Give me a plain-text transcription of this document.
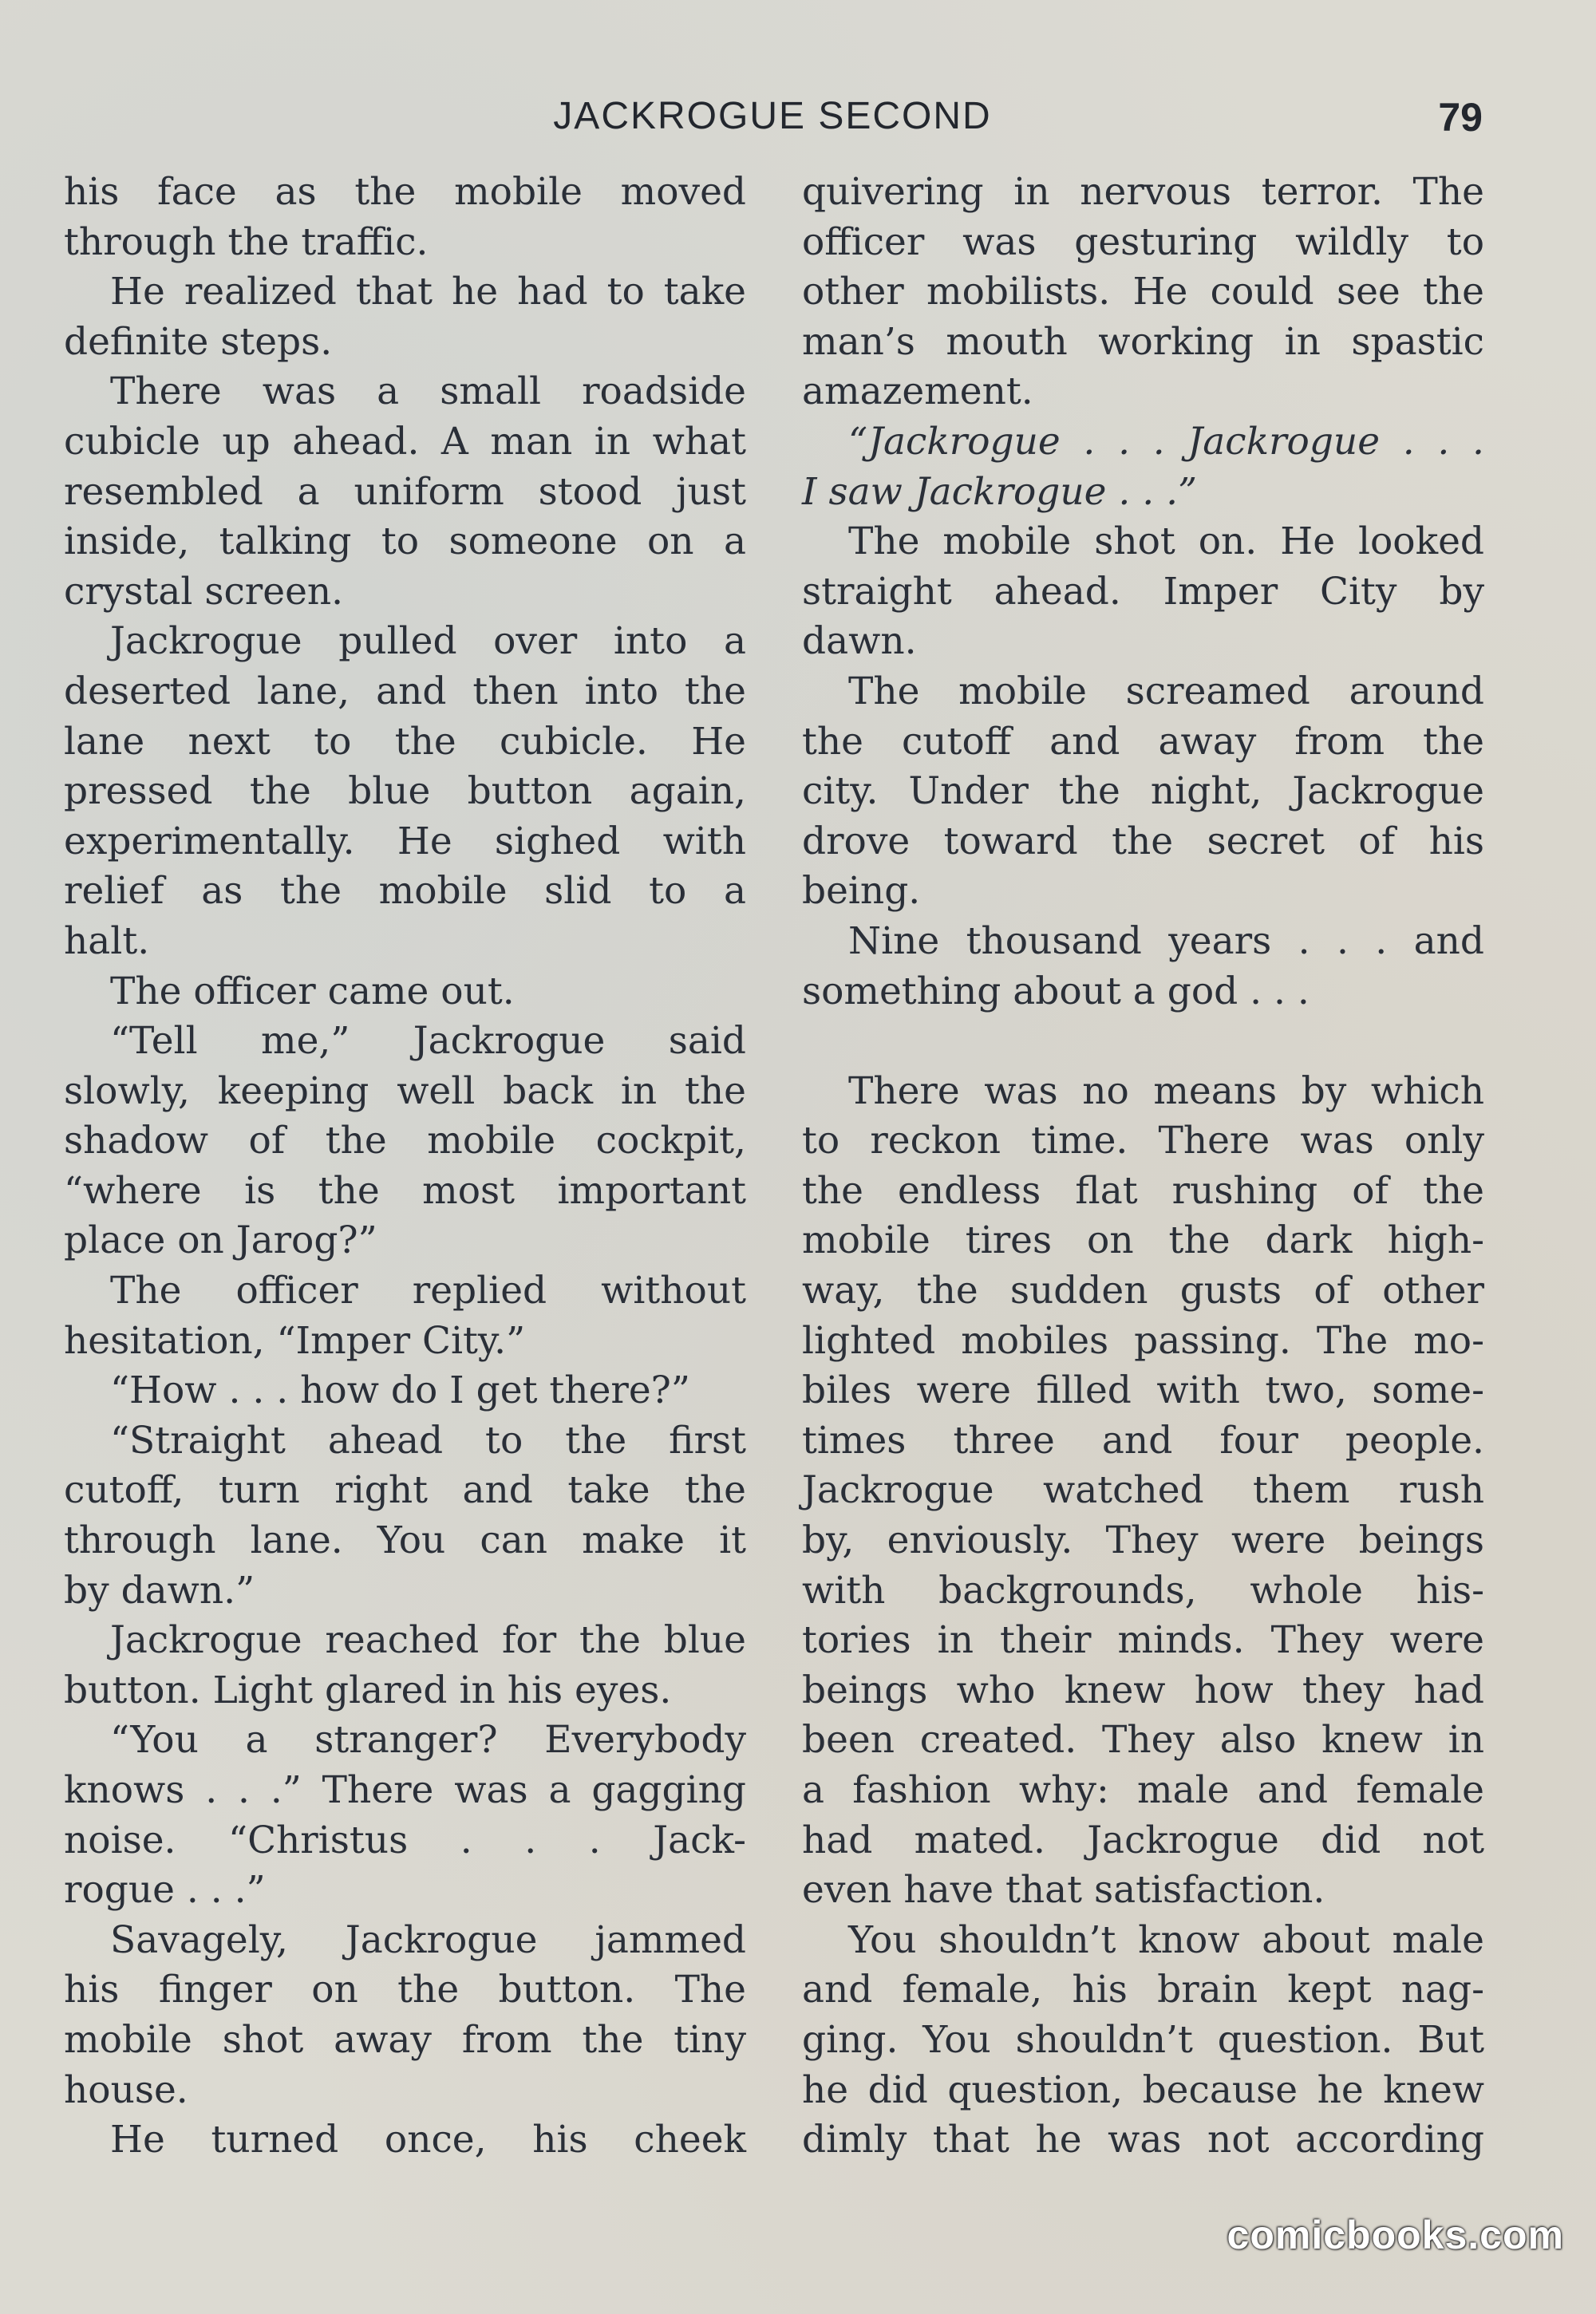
JACKROGUE SECOND	79
his face as the mobile moved
through the traffic.
He realized that he had to take
definite steps.
There was a small roadside
cubicle up ahead. A man in what
resembled a uniform stood just
inside, talking to someone on a
crystal screen.
Jackrogue pulled over into a
deserted lane, and then into the
lane next to the cubicle. He
pressed the blue button again,
experimentally. He sighed with
relief as the mobile slid to a
halt.
The officer came out.
“Tell me,” Jackrogue said
slowly, keeping well back in the
shadow of the mobile cockpit,
“where is the most important
place on Jarog?”
The officer replied without
hesitation, “Imper City.”
“How . . . how do I get there?”
“Straight ahead to the first
cutoff, turn right and take the
through lane. You can make it
by dawn.”
Jackrogue reached for the blue
button. Light glared in his eyes.
“You a stranger? Everybody
knows . . .” There was a gagging
noise. “Christus . . . Jack-
rogue . . .”
Savagely, Jackrogue jammed
his finger on the button. The
mobile shot away from the tiny
house.
He turned once, his cheek
quivering in nervous terror. The
officer was gesturing wildly to
other mobilists. He could see the
man’s mouth working in spastic
amazement.
“Jackrogue . . . Jackrogue . . .
I saw Jackrogue . . .”
The mobile shot on. He looked
straight ahead. Imper City by
dawn.
The mobile screamed around
the cutoff and away from the
city. Under the night, Jackrogue
drove toward the secret of his
being.
Nine thousand years . . . and
something about a god . . .
There was no means by which
to reckon time. There was only
the endless flat rushing of the
mobile tires on the dark high-
way, the sudden gusts of other
lighted mobiles passing. The mo-
biles were filled with two, some-
times three and four people.
Jackrogue watched them rush
by, enviously. They were beings
with backgrounds, whole his-
tories in their minds. They were
beings who knew how they had
been created. They also knew in
a fashion why: male and female
had mated. Jackrogue did not
even have that satisfaction.
You shouldn’t know about male
and female, his brain kept nag-
ging. You shouldn’t question. But
he did question, because he knew
dimly that he was not according
comicbooks.com
